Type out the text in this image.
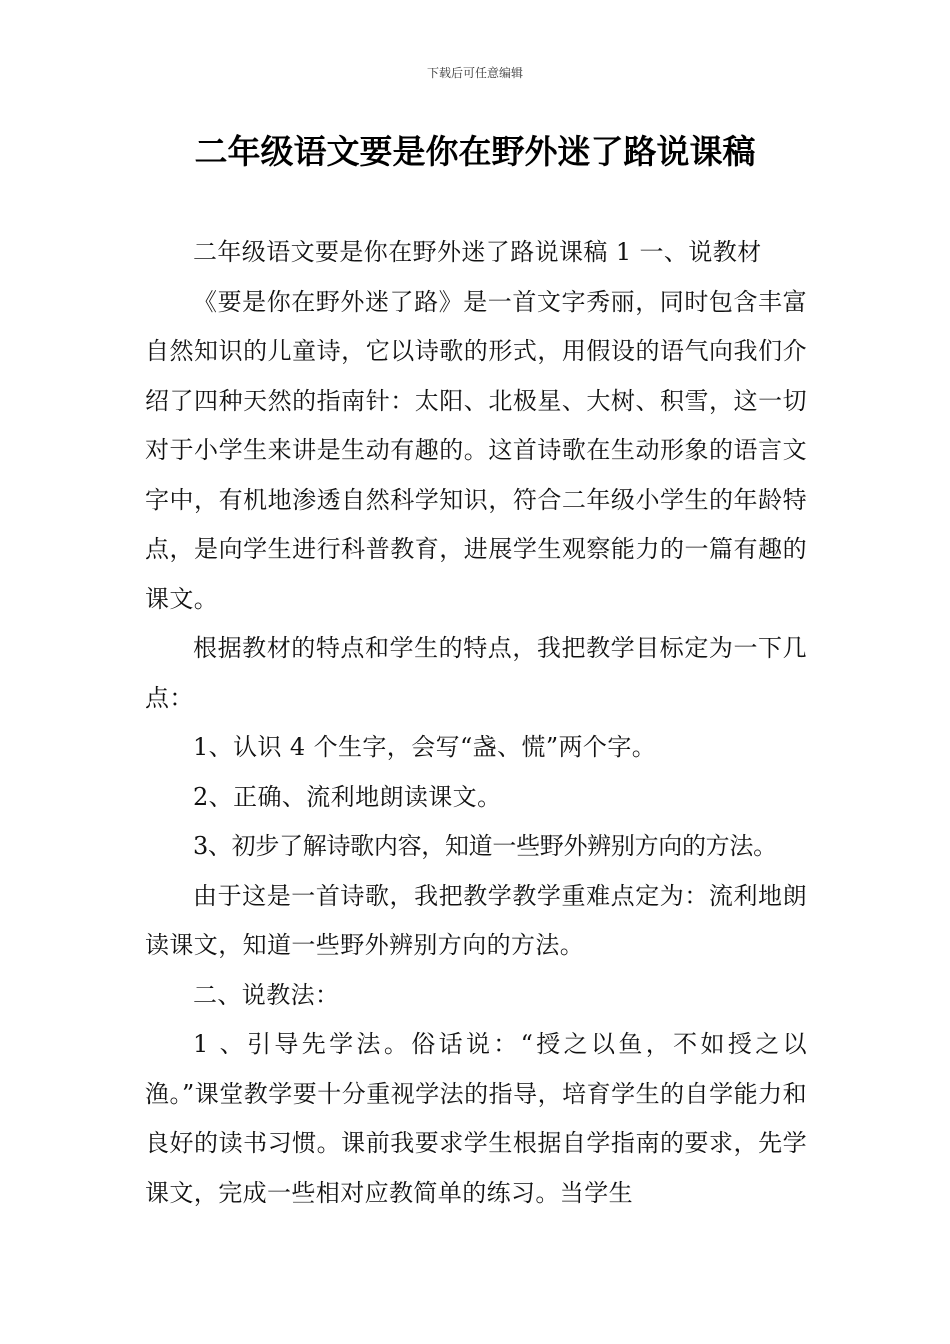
下载后可任意编辑
二年级语文要是你在野外迷了路说课稿

二年级语文要是你在野外迷了路说课稿 1 一、说教材

《要是你在野外迷了路》是一首文字秀丽，同时包含丰富自然知识的儿童诗，它以诗歌的形式，用假设的语气向我们介绍了四种天然的指南针：太阳、北极星、大树、积雪，这一切对于小学生来讲是生动有趣的。这首诗歌在生动形象的语言文字中，有机地渗透自然科学知识，符合二年级小学生的年龄特点，是向学生进行科普教育，进展学生观察能力的一篇有趣的课文。

根据教材的特点和学生的特点，我把教学目标定为一下几点：

1、认识 4 个生字，会写“盏、慌”两个字。

2、正确、流利地朗读课文。

3、初步了解诗歌内容，知道一些野外辨别方向的方法。

由于这是一首诗歌，我把教学教学重难点定为：流利地朗读课文，知道一些野外辨别方向的方法。

二、说教法：

1 、引导先学法。俗话说：“授之以鱼，不如授之以渔。”课堂教学要十分重视学法的指导，培育学生的自学能力和良好的读书习惯。课前我要求学生根据自学指南的要求，先学课文，完成一些相对应教简单的练习。当学生
